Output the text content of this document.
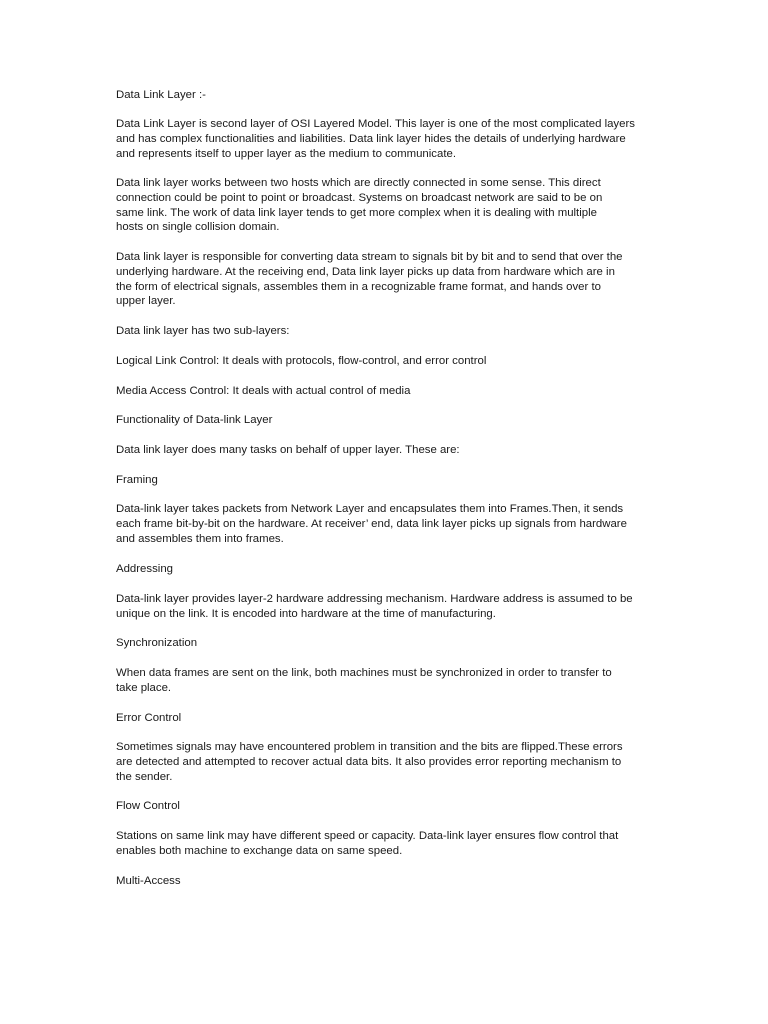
Data Link Layer :-

Data Link Layer is second layer of OSI Layered Model. This layer is one of the most complicated layers
and has complex functionalities and liabilities. Data link layer hides the details of underlying hardware
and represents itself to upper layer as the medium to communicate.

Data link layer works between two hosts which are directly connected in some sense. This direct
connection could be point to point or broadcast. Systems on broadcast network are said to be on
same link. The work of data link layer tends to get more complex when it is dealing with multiple
hosts on single collision domain.

Data link layer is responsible for converting data stream to signals bit by bit and to send that over the
underlying hardware. At the receiving end, Data link layer picks up data from hardware which are in
the form of electrical signals, assembles them in a recognizable frame format, and hands over to
upper layer.

Data link layer has two sub-layers:

Logical Link Control: It deals with protocols, flow-control, and error control

Media Access Control: It deals with actual control of media

Functionality of Data-link Layer

Data link layer does many tasks on behalf of upper layer. These are:

Framing

Data-link layer takes packets from Network Layer and encapsulates them into Frames.Then, it sends
each frame bit-by-bit on the hardware. At receiver’ end, data link layer picks up signals from hardware
and assembles them into frames.

Addressing

Data-link layer provides layer-2 hardware addressing mechanism. Hardware address is assumed to be
unique on the link. It is encoded into hardware at the time of manufacturing.

Synchronization

When data frames are sent on the link, both machines must be synchronized in order to transfer to
take place.

Error Control

Sometimes signals may have encountered problem in transition and the bits are flipped.These errors
are detected and attempted to recover actual data bits. It also provides error reporting mechanism to
the sender.

Flow Control

Stations on same link may have different speed or capacity. Data-link layer ensures flow control that
enables both machine to exchange data on same speed.

Multi-Access
